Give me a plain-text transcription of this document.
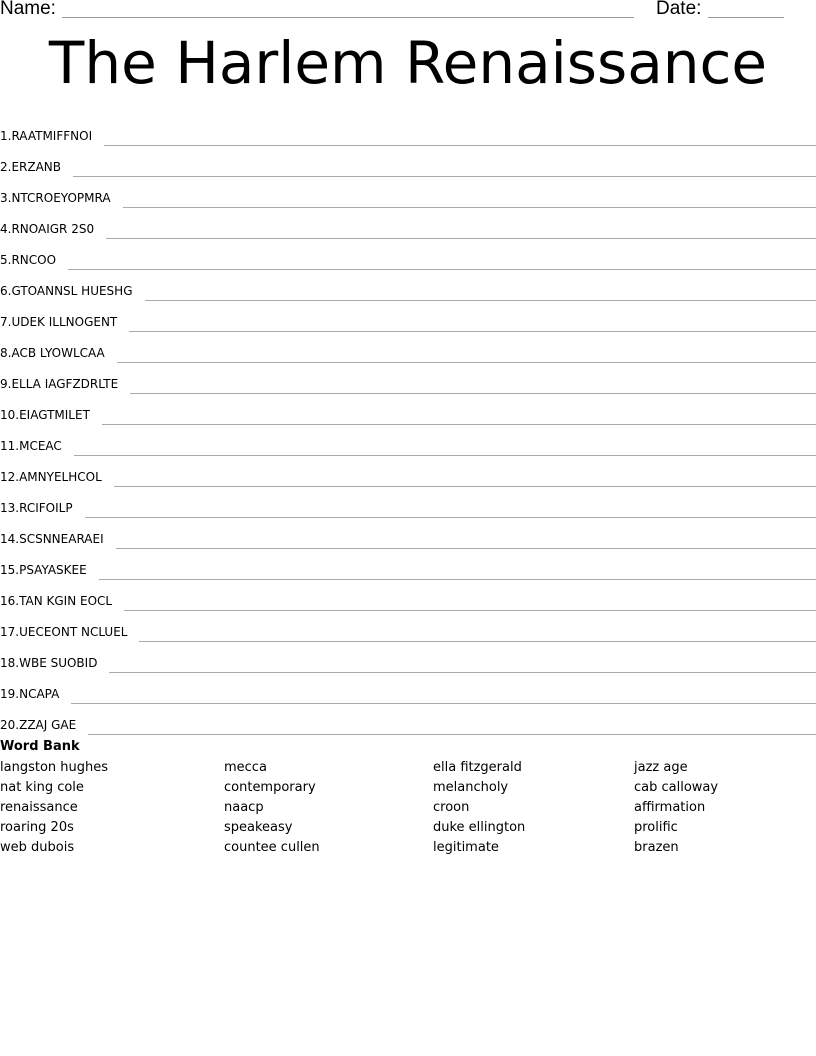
Name:	Date:
The Harlem Renaissance
1. RAATMIFFNOI
2. ERZANB
3. NTCROEYOPMRA
4. RNOAIGR 2S0
5. RNCOO
6. GTOANNSL HUESHG
7. UDEK ILLNOGENT
8. ACB LYOWLCAA
9. ELLA IAGFZDRLTE
10. EIAGTMILET
11. MCEAC
12. AMNYELHCOL
13. RCIFOILP
14. SCSNNEARAEI
15. PSAYASKEE
16. TAN KGIN EOCL
17. UECEONT NCLUEL
18. WBE SUOBID
19. NCAPA
20. ZZAJ GAE
Word Bank
langston hughes
nat king cole
renaissance
roaring 20s
web dubois
mecca
contemporary
naacp
speakeasy
countee cullen
ella fitzgerald
melancholy
croon
duke ellington
legitimate
jazz age
cab calloway
affirmation
prolific
brazen
